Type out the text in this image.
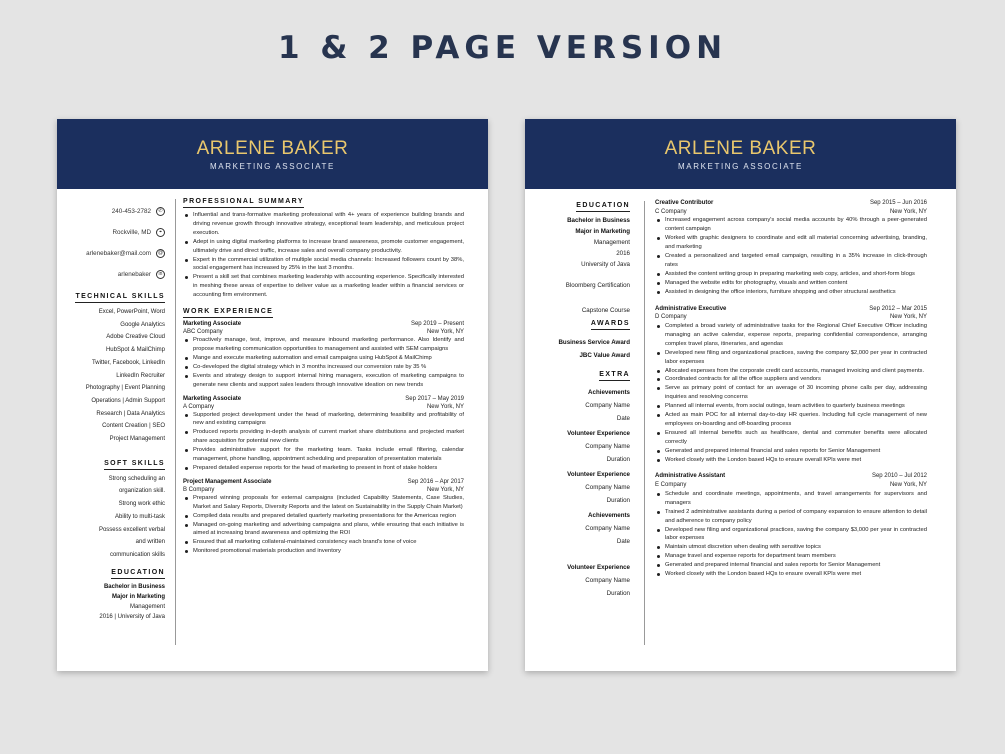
1 & 2 PAGE VERSION
ARLENE BAKER
MARKETING ASSOCIATE
240-453-2782	✆
Rockville, MD	⌖
arlenebaker@mail.com	@
arlenebaker	in
TECHNICAL SKILLS
Excel, PowerPoint, Word
Google Analytics
Adobe Creative Cloud
HubSpot & MailChimp
Twitter, Facebook, LinkedIn
LinkedIn Recruiter
Photography | Event Planning
Operations | Admin Support
Research | Data Analytics
Content Creation | SEO
Project Management
SOFT SKILLS
Strong scheduling an
organization skill.
Strong work ethic
Ability to multi-task
Possess excellent verbal
and written
communication skills
EDUCATION
Bachelor in Business
Major in Marketing
Management
2016 | University of Java
PROFESSIONAL SUMMARY
Influential and trans-formative marketing professional with 4+ years of experience building brands and driving revenue growth through innovative strategy, exceptional team leadership, and meticulous project execution.
Adept in using digital marketing platforms to increase brand awareness, promote customer engagement, ultimately drive and direct traffic, increase sales and overall company productivity.
Expert in the commercial utilization of multiple social media channels: Increased followers count by 38%, social engagement has increased by 25% in the last 3 months.
Present a skill set that combines marketing leadership with accounting experience. Specifically interested in meshing these areas of expertise to deliver value as a marketing leader within a financial services or accounting firm environment.
WORK EXPERIENCE
Marketing Associate	Sep 2019 – Present
ABC Company	New York, NY
Proactively manage, test, improve, and measure inbound marketing performance. Also Identify and propose marketing communication opportunities to management and assisted with SEM campaigns
Mange and execute marketing automation and email campaigns using HubSpot & MailChimp
Co-developed the digital strategy which in 3 months increased our conversion rate by 35 %
Events and strategy design to support internal hiring managers, execution of marketing campaigns to generate new clients and support sales leaders through innovative ideation on new trends
Marketing Associate	Sep 2017 – May 2019
A Company	New York, NY
Supported project development under the head of marketing, determining feasibility and profitability of new and existing campaigns
Produced reports providing in-depth analysis of current market share distributions and projected market share acquisition for potential new clients
Provides administrative support for the marketing team. Tasks include email filtering, calendar management, phone handling, appointment scheduling and preparation of presentation materials
Prepared detailed expense reports for the head of marketing to present in front of stake holders
Project Management Associate	Sep 2016 – Apr 2017
B Company	New York, NY
Prepared winning proposals for external campaigns (included Capability Statements, Case Studies, Market and Salary Reports, Diversity Reports and the latest on Sustainability in the Supply Chain Market)
Compiled data results and prepared detailed quarterly marketing presentations for the Americas region
Managed on-going marketing and advertising campaigns and plans, while ensuring that each initiative is aimed at increasing brand awareness and optimizing the ROI
Ensured that all marketing collateral-maintained consistency each brand's tone of voice
Monitored promotional materials production and inventory
ARLENE BAKER
MARKETING ASSOCIATE
EDUCATION
Bachelor in Business
Major in Marketing
Management
2016
University of Java
Bloomberg Certification
Capstone Course
AWARDS
Business Service Award
JBC Value Award
EXTRA
Achievements
Company Name
Date
Volunteer Experience
Company Name
Duration
Volunteer Experience
Company Name
Duration
Achievements
Company Name
Date
Volunteer Experience
Company Name
Duration
Creative Contributor	Sep 2015 – Jun 2016
C Company	New York, NY
Increased engagement across company's social media accounts by 40% through a peer-generated content campaign
Worked with graphic designers to coordinate and edit all material concerning advertising, branding, and marketing
Created a personalized and targeted email campaign, resulting in a 35% increase in click-through rates
Assisted the content writing group in preparing marketing web copy, articles, and short-form blogs
Managed the website edits for photography, visuals and written content
Assisted in designing the office interiors, furniture shopping and other structural aesthetics
Administrative Executive	Sep 2012 – Mar 2015
D Company	New York, NY
Completed a broad variety of administrative tasks for the Regional Chief Executive Officer including managing an active calendar, expense reports, preparing confidential correspondence, arranging complex travel plans, itineraries, and agendas
Developed new filing and organizational practices, saving the company $2,000 per year in contracted labor expenses
Allocated expenses from the corporate credit card accounts, managed invoicing and client payments.
Coordinated contracts for all the office suppliers and vendors
Serve as primary point of contact for an average of 30 incoming phone calls per day, addressing inquiries and resolving concerns
Planned all internal events, from social outings, team activities to quarterly business meetings
Acted as main POC for all internal day-to-day HR queries. Including full cycle management of new employees on-boarding and off-boarding process
Ensured all internal benefits such as healthcare, dental and commuter benefits were allocated correctly
Generated and prepared internal financial and sales reports for Senior Management
Worked closely with the London based HQs to ensure overall KPIs were met
Administrative Assistant	Sep 2010 – Jul 2012
E Company	New York, NY
Schedule and coordinate meetings, appointments, and travel arrangements for supervisors and managers
Trained 2 administrative assistants during a period of company expansion to ensure attention to detail and adherence to company policy
Developed new filing and organizational practices, saving the company $3,000 per year in contracted labor expenses
Maintain utmost discretion when dealing with sensitive topics
Manage travel and expense reports for department team members
Generated and prepared internal financial and sales reports for Senior Management
Worked closely with the London based HQs to ensure overall KPIs were met
